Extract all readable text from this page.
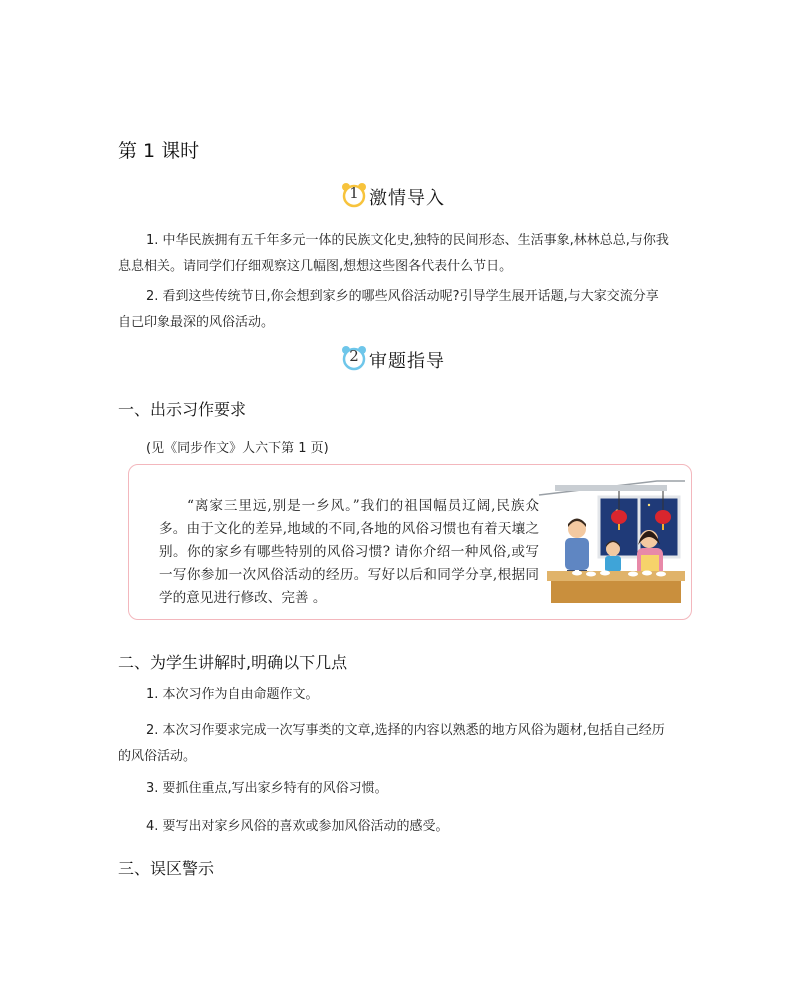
第 1 课时
1 激情导入
1. 中华民族拥有五千年多元一体的民族文化史,独特的民间形态、生活事象,林林总总,与你我息息相关。请同学们仔细观察这几幅图,想想这些图各代表什么节日。
2. 看到这些传统节日,你会想到家乡的哪些风俗活动呢?引导学生展开话题,与大家交流分享自己印象最深的风俗活动。
2 审题指导
一、出示习作要求
(见《同步作文》人六下第 1 页)
“离家三里远,别是一乡风。”我们的祖国幅员辽阔,民族众多。由于文化的差异,地域的不同,各地的风俗习惯也有着天壤之别。你的家乡有哪些特别的风俗习惯? 请你介绍一种风俗,或写一写你参加一次风俗活动的经历。写好以后和同学分享,根据同学的意见进行修改、完善 。
二、为学生讲解时,明确以下几点
1. 本次习作为自由命题作文。
2. 本次习作要求完成一次写事类的文章,选择的内容以熟悉的地方风俗为题材,包括自己经历的风俗活动。
3. 要抓住重点,写出家乡特有的风俗习惯。
4. 要写出对家乡风俗的喜欢或参加风俗活动的感受。
三、误区警示
